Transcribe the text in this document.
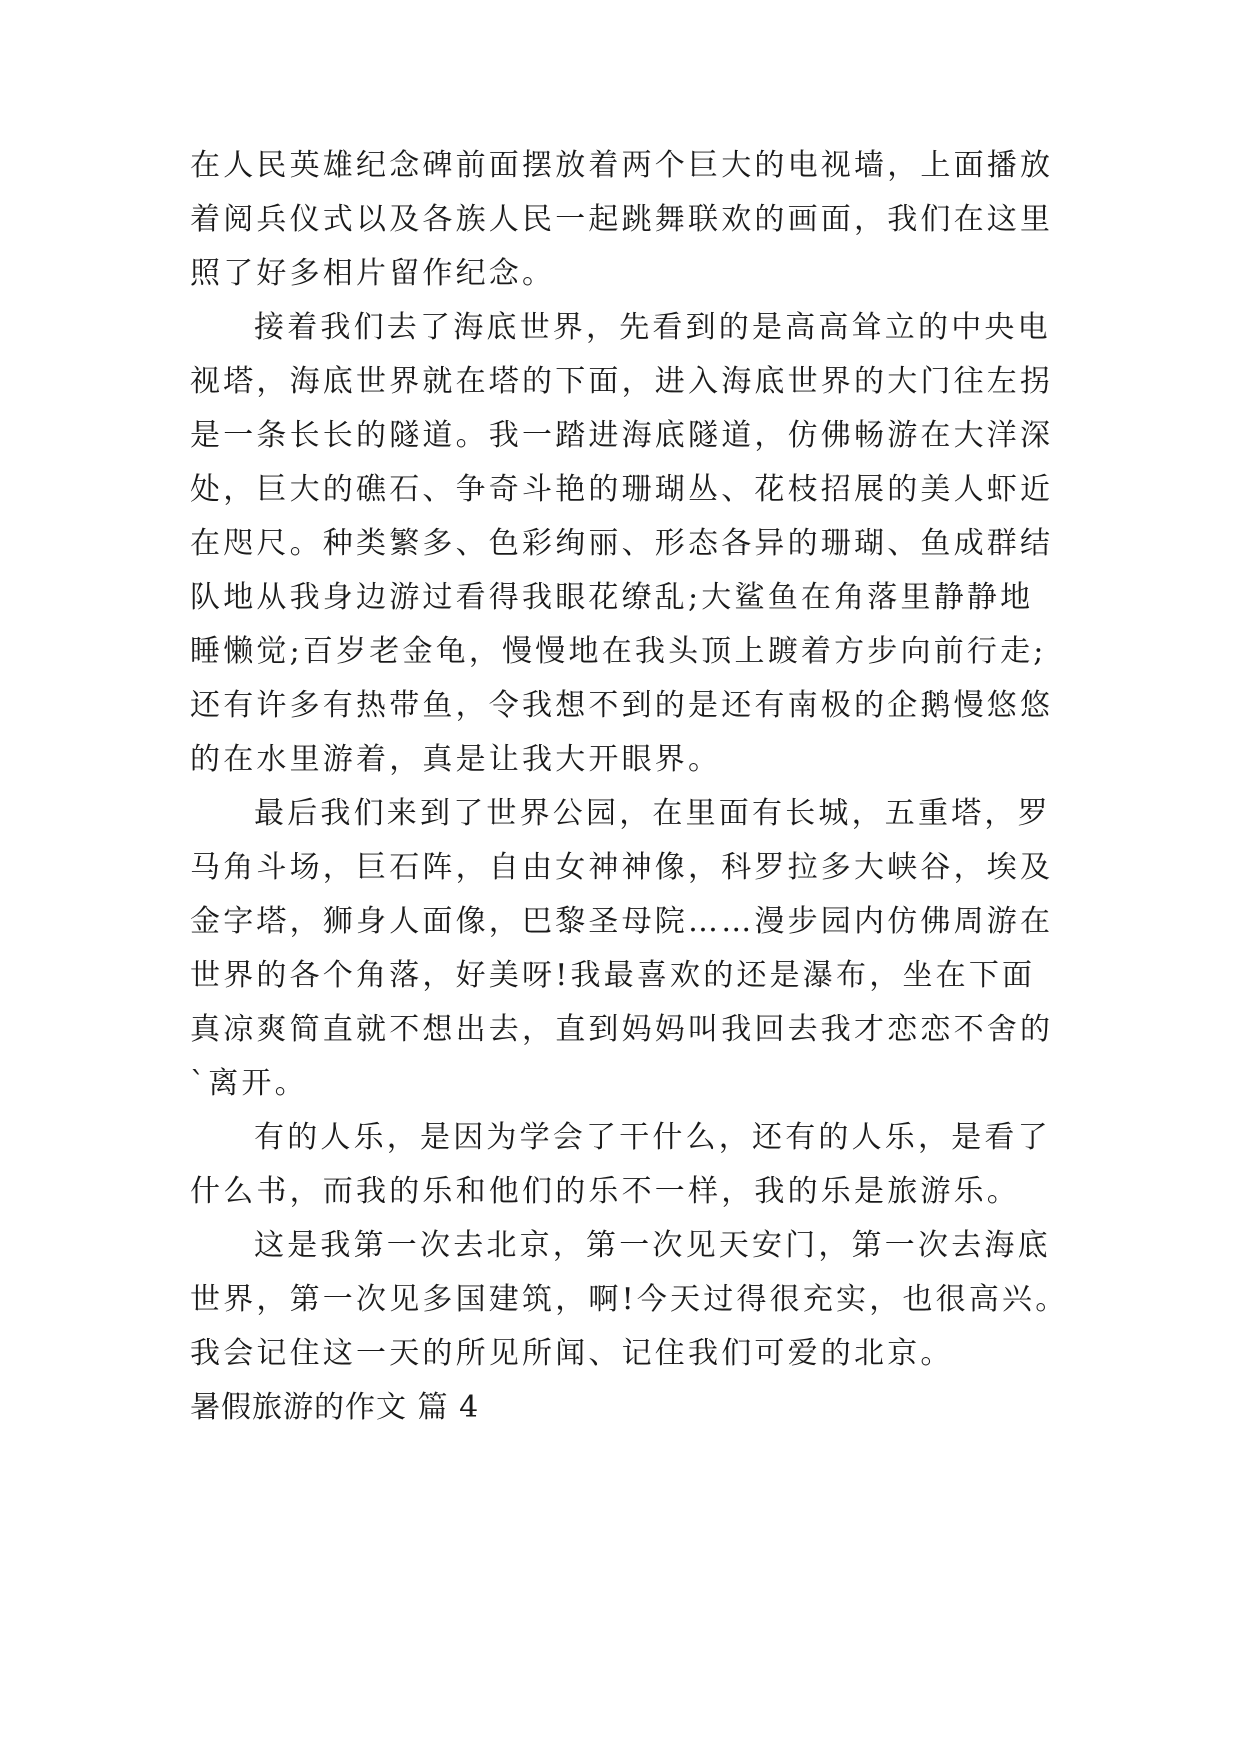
在人民英雄纪念碑前面摆放着两个巨大的电视墙，上面播放

着阅兵仪式以及各族人民一起跳舞联欢的画面，我们在这里

照了好多相片留作纪念。

接着我们去了海底世界，先看到的是高高耸立的中央电

视塔，海底世界就在塔的下面，进入海底世界的大门往左拐

是一条长长的隧道。我一踏进海底隧道，仿佛畅游在大洋深

处，巨大的礁石、争奇斗艳的珊瑚丛、花枝招展的美人虾近

在咫尺。种类繁多、色彩绚丽、形态各异的珊瑚、鱼成群结

队地从我身边游过看得我眼花缭乱;大鲨鱼在角落里静静地

睡懒觉;百岁老金龟，慢慢地在我头顶上踱着方步向前行走;

还有许多有热带鱼，令我想不到的是还有南极的企鹅慢悠悠

的在水里游着，真是让我大开眼界。

最后我们来到了世界公园，在里面有长城，五重塔，罗

马角斗场，巨石阵，自由女神神像，科罗拉多大峡谷，埃及

金字塔，狮身人面像，巴黎圣母院……漫步园内仿佛周游在

世界的各个角落，好美呀!我最喜欢的还是瀑布，坐在下面

真凉爽简直就不想出去，直到妈妈叫我回去我才恋恋不舍的

`离开。

有的人乐，是因为学会了干什么，还有的人乐，是看了

什么书，而我的乐和他们的乐不一样，我的乐是旅游乐。

这是我第一次去北京，第一次见天安门，第一次去海底

世界，第一次见多国建筑，啊!今天过得很充实，也很高兴。

我会记住这一天的所见所闻、记住我们可爱的北京。

暑假旅游的作文 篇 4
